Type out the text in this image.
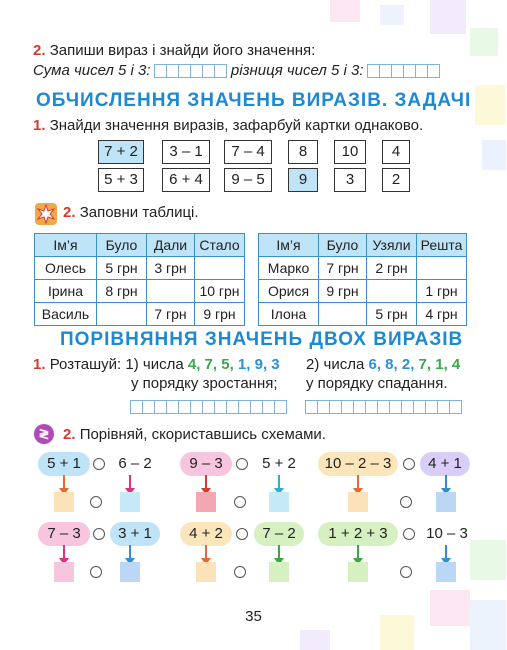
2. Запиши вираз і знайди його значення:
Сума чисел 5 і 3:	різниця чисел 5 і 3:
ОБЧИСЛЕННЯ ЗНАЧЕНЬ ВИРАЗІВ. ЗАДАЧІ
1. Знайди значення виразів, зафарбуй картки однаково.
7 + 2	3 – 1	7 – 4	8	10	4
5 + 3	6 + 4	9 – 5	9	3	2
2. Заповни таблиці.
Ім’я	Було	Дали	Стало
Олесь	5 грн	3 грн	
Ірина	8 грн		10 грн
Василь		7 грн	9 грн
Ім’я	Було	Узяли	Решта
Марко	7 грн	2 грн	
Орися	9 грн		1 грн
Ілона		5 грн	4 грн
ПОРІВНЯННЯ ЗНАЧЕНЬ ДВОХ ВИРАЗІВ
1. Розташуй: 1) числа 4, 7, 5, 1, 9, 3 2) числа 6, 8, 2, 7, 1, 4
у порядку зростання; у порядку спадання.
≷ 2. Порівняй, скориставшись схемами.
5 + 1	6 – 2	9 – 3	5 + 2	10 – 2 – 3	4 + 1
7 – 3	3 + 1	4 + 2	7 – 2	1 + 2 + 3	10 – 3
35
